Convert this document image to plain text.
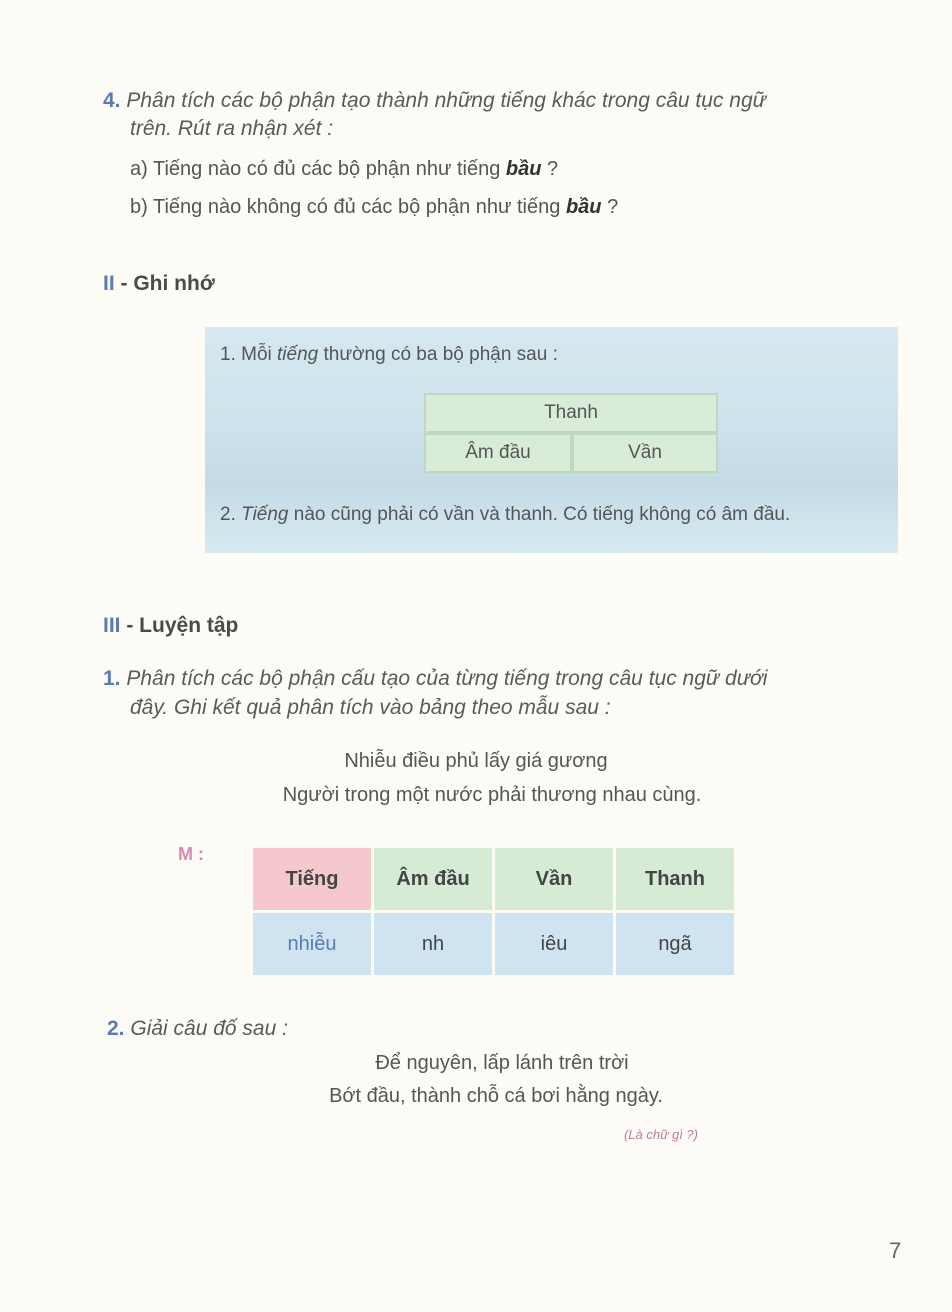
4. Phân tích các bộ phận tạo thành những tiếng khác trong câu tục ngữ
trên. Rút ra nhận xét :
a) Tiếng nào có đủ các bộ phận như tiếng bầu ?
b) Tiếng nào không có đủ các bộ phận như tiếng bầu ?
II - Ghi nhớ
1. Mỗi tiếng thường có ba bộ phận sau :
Thanh
Âm đầu	Vần
2. Tiếng nào cũng phải có vần và thanh. Có tiếng không có âm đầu.
III - Luyện tập
1. Phân tích các bộ phận cấu tạo của từng tiếng trong câu tục ngữ dưới
đây. Ghi kết quả phân tích vào bảng theo mẫu sau :
Nhiễu điều phủ lấy giá gương
Người trong một nước phải thương nhau cùng.
M :
Tiếng	Âm đầu	Vần	Thanh
nhiễu	nh	iêu	ngã
2. Giải câu đố sau :
Để nguyên, lấp lánh trên trời
Bớt đầu, thành chỗ cá bơi hằng ngày.
(Là chữ gì ?)
7
